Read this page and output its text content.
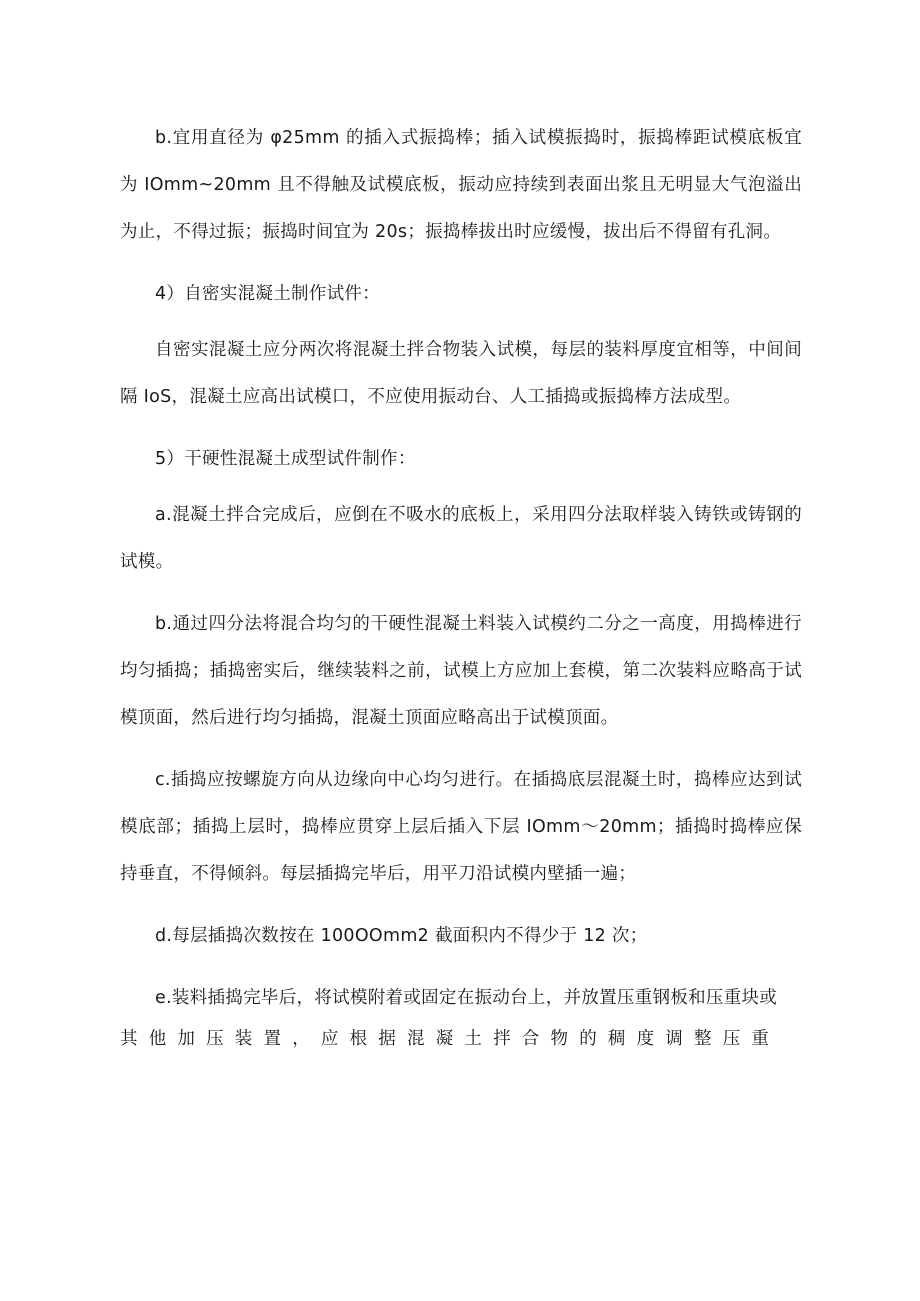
b.宜用直径为 φ25mm 的插入式振捣棒；插入试模振捣时，振捣棒距试模底板宜为 IOmm~20mm 且不得触及试模底板，振动应持续到表面出浆且无明显大气泡溢出为止，不得过振；振捣时间宜为 20s；振捣棒拔出时应缓慢，拔出后不得留有孔洞。

4）自密实混凝土制作试件：

自密实混凝土应分两次将混凝土拌合物装入试模，每层的装料厚度宜相等，中间间隔 IoS，混凝土应高出试模口，不应使用振动台、人工插捣或振捣棒方法成型。

5）干硬性混凝土成型试件制作：

a.混凝土拌合完成后，应倒在不吸水的底板上，采用四分法取样装入铸铁或铸钢的试模。

b.通过四分法将混合均匀的干硬性混凝土料装入试模约二分之一高度，用捣棒进行均匀插捣；插捣密实后，继续装料之前，试模上方应加上套模，第二次装料应略高于试模顶面，然后进行均匀插捣，混凝土顶面应略高出于试模顶面。

c.插捣应按螺旋方向从边缘向中心均匀进行。在插捣底层混凝土时，捣棒应达到试模底部；插捣上层时，捣棒应贯穿上层后插入下层 IOmm～20mm；插捣时捣棒应保持垂直，不得倾斜。每层插捣完毕后，用平刀沿试模内壁插一遍；

d.每层插捣次数按在 100OOmm2 截面积内不得少于 12 次；

e.装料插捣完毕后，将试模附着或固定在振动台上，并放置压重钢板和压重块或

其他加压装置，应根据混凝土拌合物的稠度调整压重
